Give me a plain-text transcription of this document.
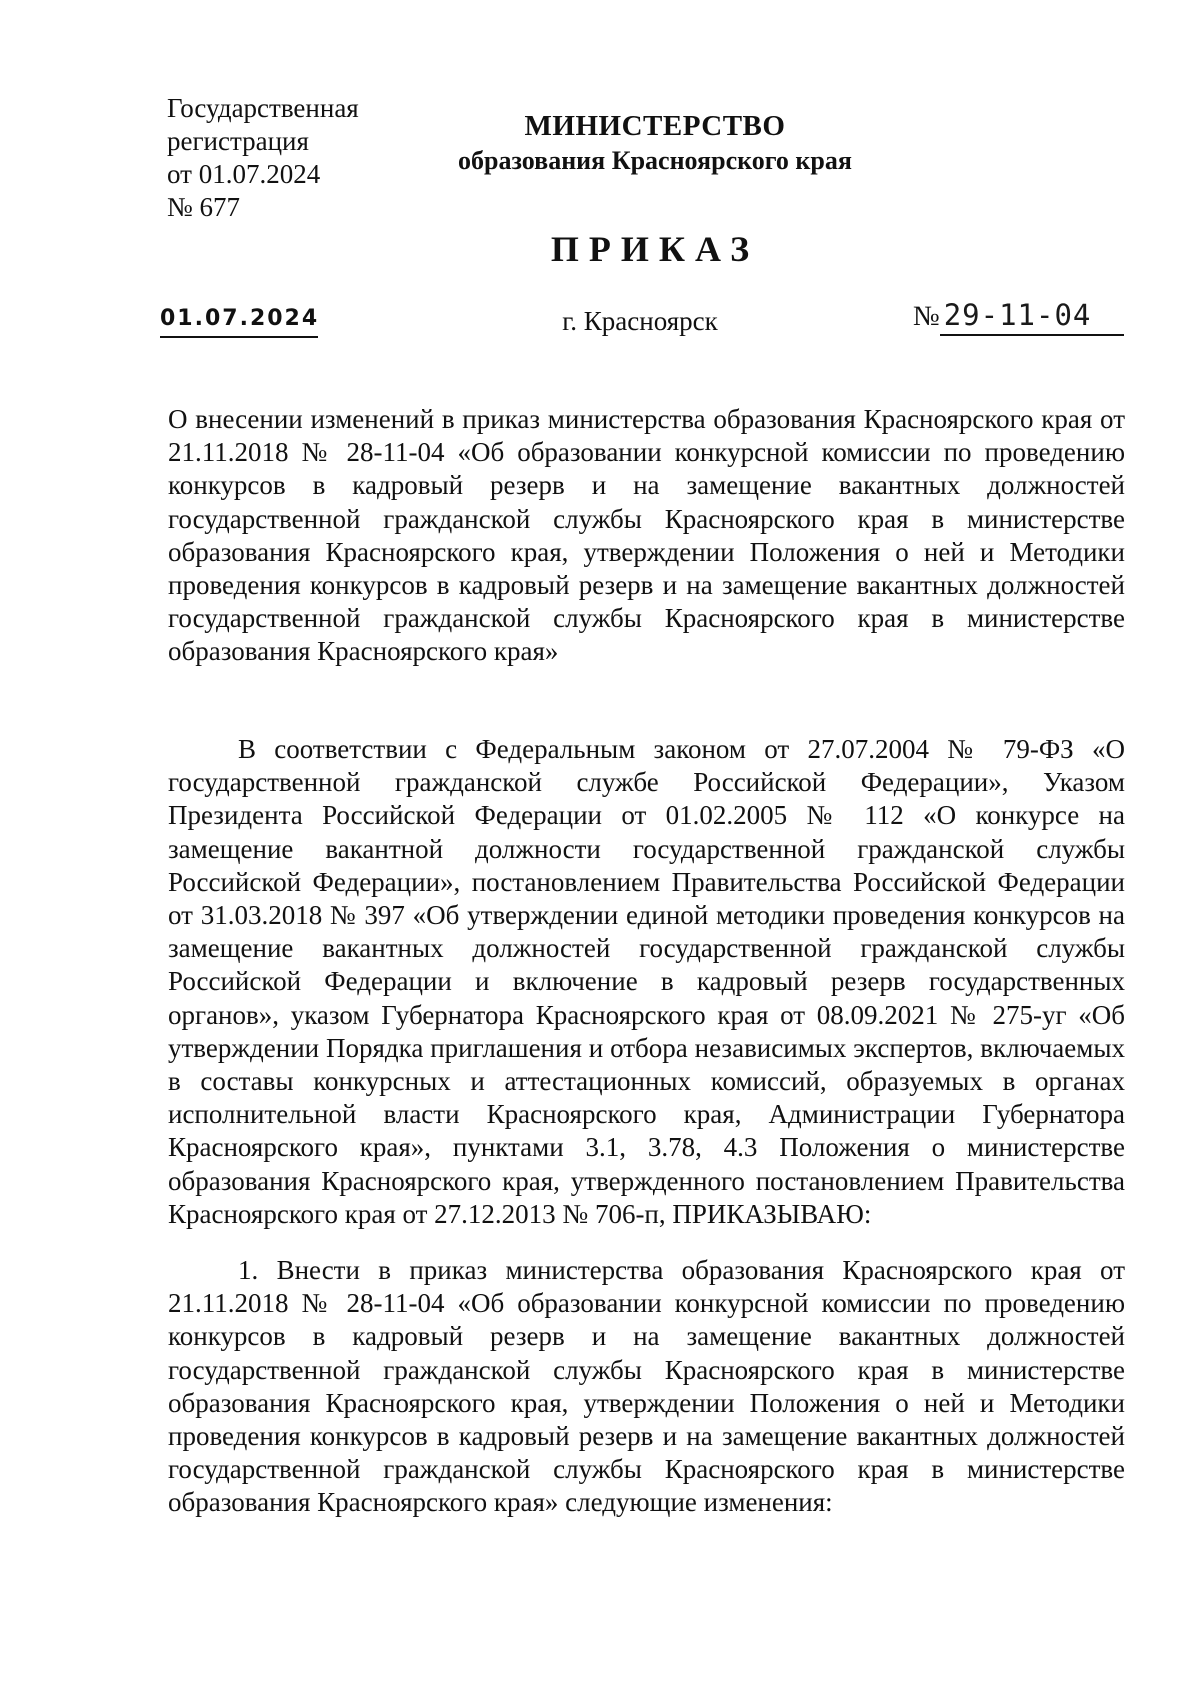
Государственная
регистрация
от 01.07.2024
№ 677
МИНИСТЕРСТВО
образования Красноярского края
ПРИКАЗ
01.07.2024	г. Красноярск	№ 29-11-04
О внесении изменений в приказ министерства образования Красноярского края от 21.11.2018 № 28-11-04 «Об образовании конкурсной комиссии по проведению конкурсов в кадровый резерв и на замещение вакантных должностей государственной гражданской службы Красноярского края в министерстве образования Красноярского края, утверждении Положения о ней и Методики проведения конкурсов в кадровый резерв и на замещение вакантных должностей государственной гражданской службы Красноярского края в министерстве образования Красноярского края»
В соответствии с Федеральным законом от 27.07.2004 № 79-ФЗ «О государственной гражданской службе Российской Федерации», Указом Президента Российской Федерации от 01.02.2005 № 112 «О конкурсе на замещение вакантной должности государственной гражданской службы Российской Федерации», постановлением Правительства Российской Федерации от 31.03.2018 № 397 «Об утверждении единой методики проведения конкурсов на замещение вакантных должностей государственной гражданской службы Российской Федерации и включение в кадровый резерв государственных органов», указом Губернатора Красноярского края от 08.09.2021 № 275-уг «Об утверждении Порядка приглашения и отбора независимых экспертов, включаемых в составы конкурсных и аттестационных комиссий, образуемых в органах исполнительной власти Красноярского края, Администрации Губернатора Красноярского края», пунктами 3.1, 3.78, 4.3 Положения о министерстве образования Красноярского края, утвержденного постановлением Правительства Красноярского края от 27.12.2013 № 706-п, ПРИКАЗЫВАЮ:
1. Внести в приказ министерства образования Красноярского края от 21.11.2018 № 28-11-04 «Об образовании конкурсной комиссии по проведению конкурсов в кадровый резерв и на замещение вакантных должностей государственной гражданской службы Красноярского края в министерстве образования Красноярского края, утверждении Положения о ней и Методики проведения конкурсов в кадровый резерв и на замещение вакантных должностей государственной гражданской службы Красноярского края в министерстве образования Красноярского края» следующие изменения:
